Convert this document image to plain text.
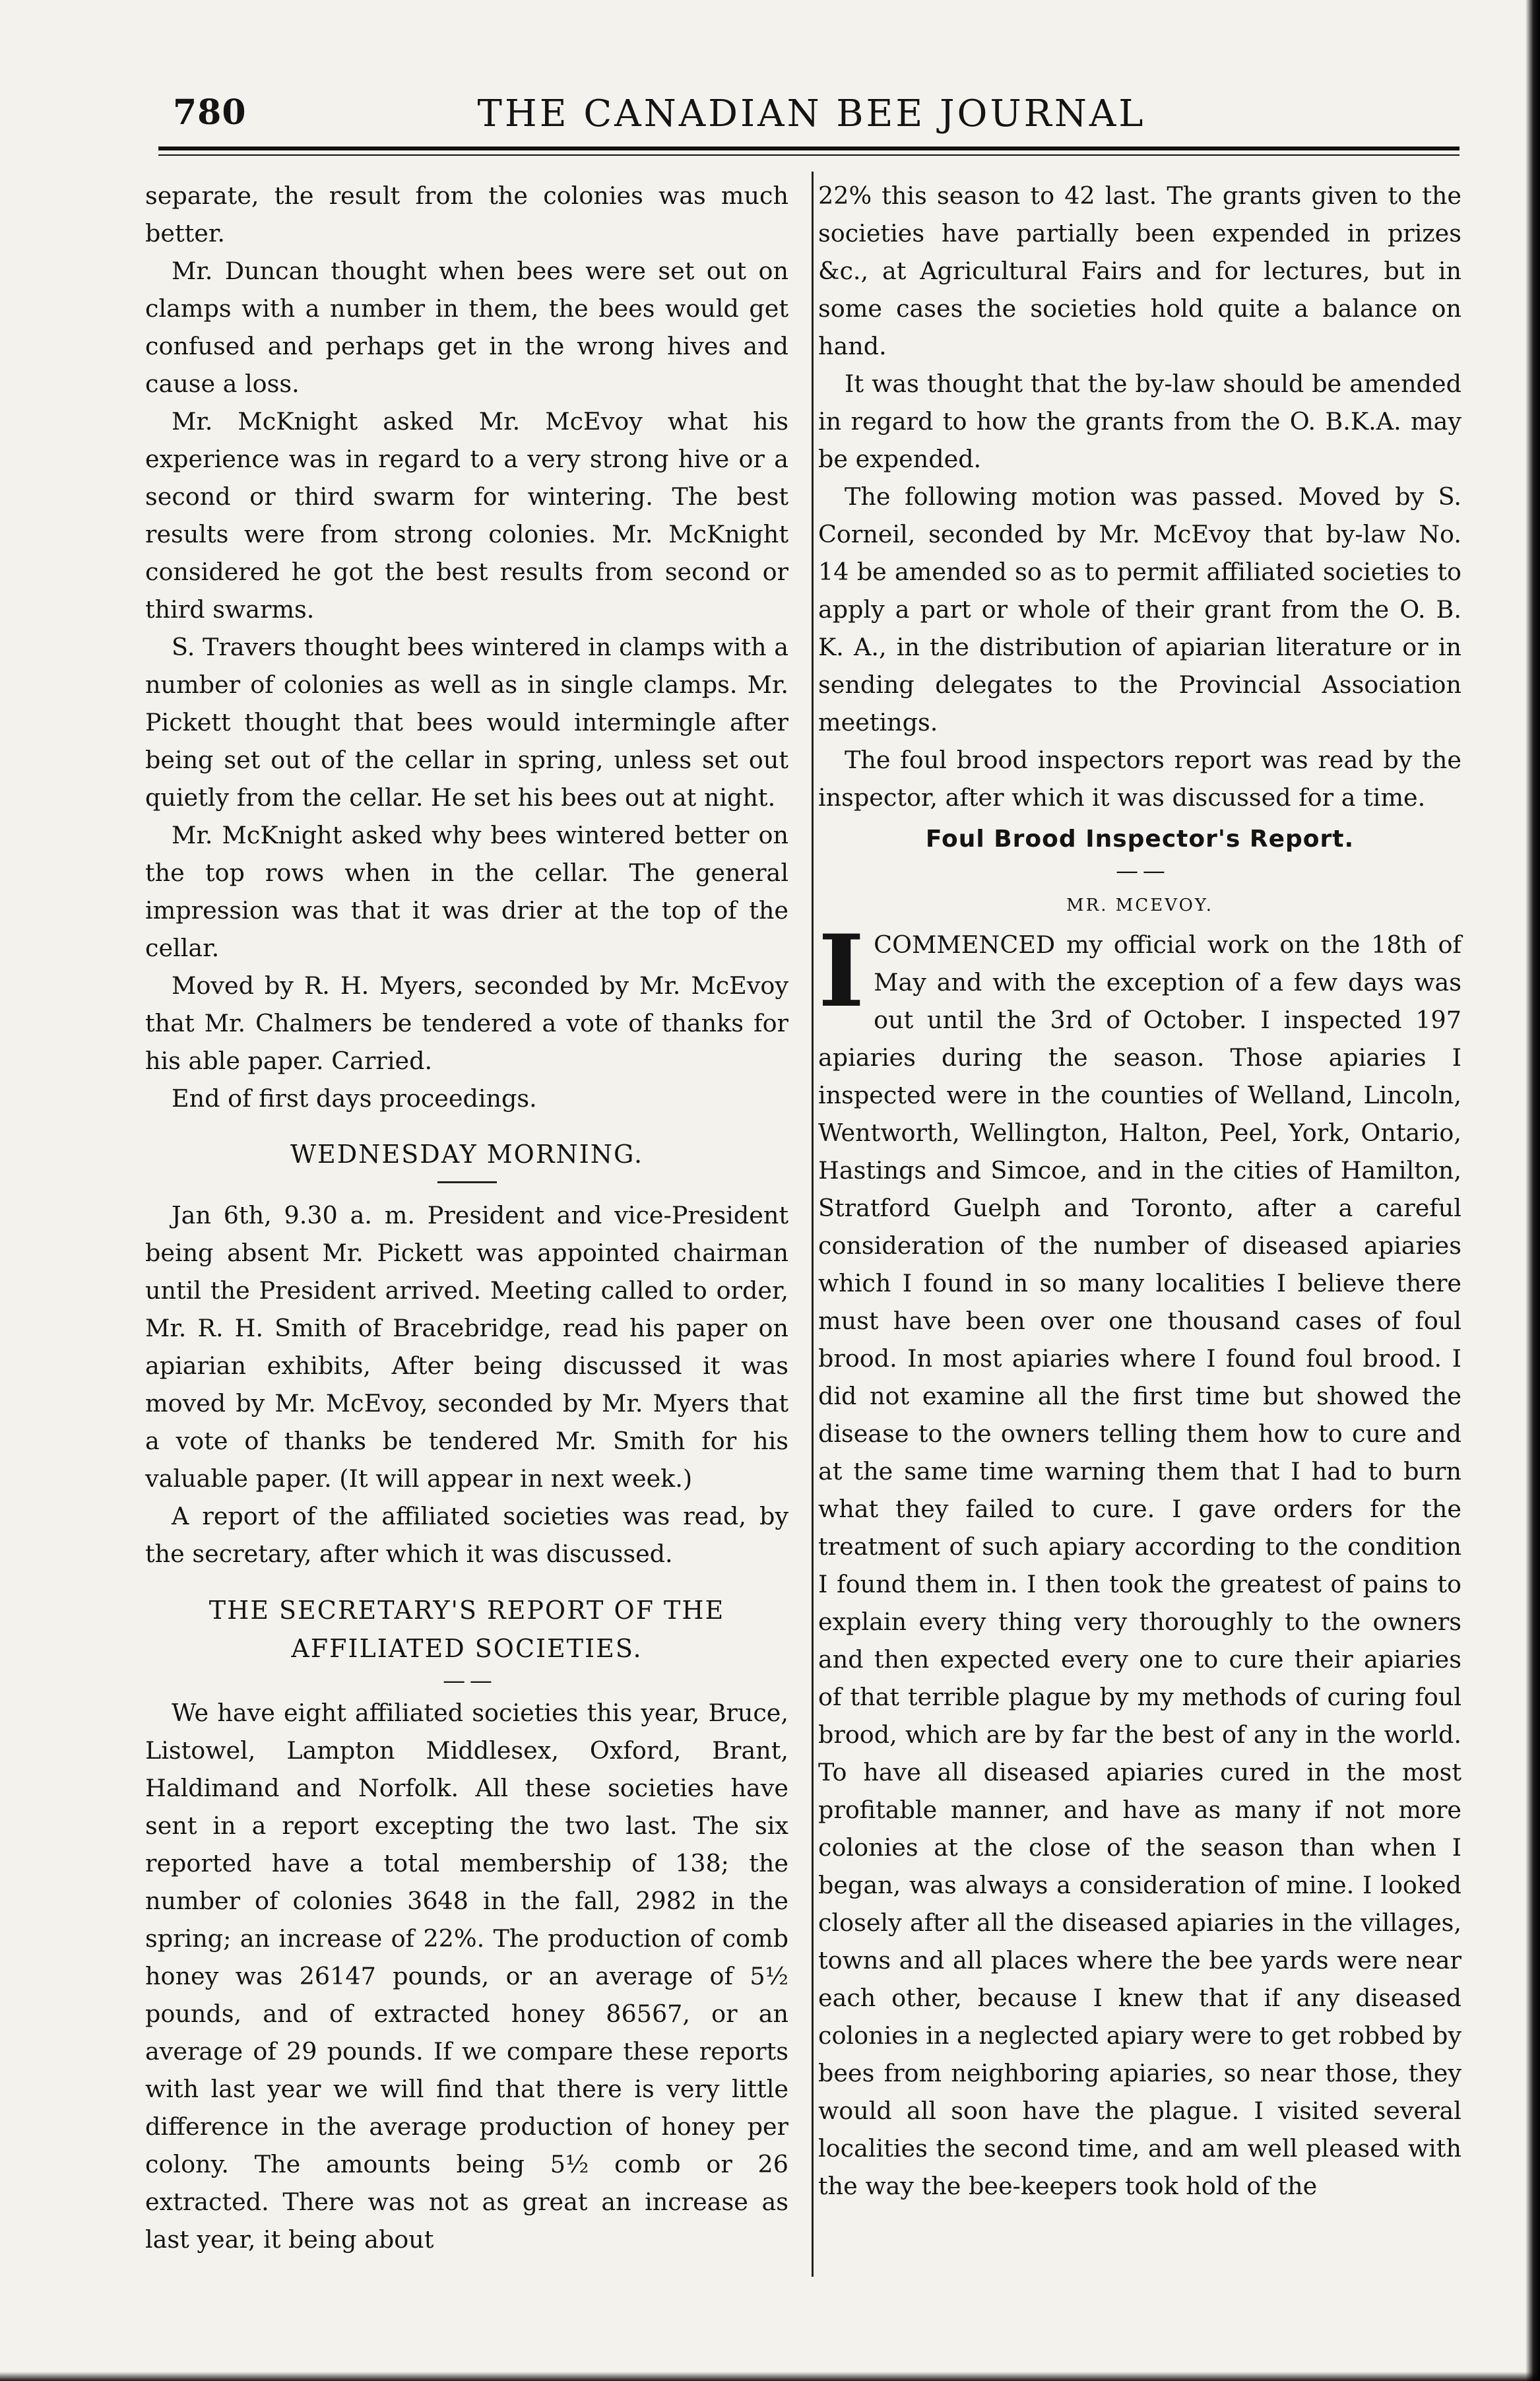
780	THE CANADIAN BEE JOURNAL

separate, the result from the colonies was much better.

Mr. Duncan thought when bees were set out on clamps with a number in them, the bees would get confused and perhaps get in the wrong hives and cause a loss.

Mr. McKnight asked Mr. McEvoy what his experience was in regard to a very strong hive or a second or third swarm for wintering. The best results were from strong colonies. Mr. McKnight considered he got the best results from second or third swarms.

S. Travers thought bees wintered in clamps with a number of colonies as well as in single clamps. Mr. Pickett thought that bees would intermingle after being set out of the cellar in spring, unless set out quietly from the cellar. He set his bees out at night.

Mr. McKnight asked why bees wintered better on the top rows when in the cellar. The general impression was that it was drier at the top of the cellar.

Moved by R. H. Myers, seconded by Mr. McEvoy that Mr. Chalmers be tendered a vote of thanks for his able paper. Carried.

End of first days proceedings.

WEDNESDAY MORNING.

Jan 6th, 9.30 a. m. President and vice-President being absent Mr. Pickett was appointed chairman until the President arrived. Meeting called to order, Mr. R. H. Smith of Bracebridge, read his paper on apiarian exhibits, After being discussed it was moved by Mr. McEvoy, seconded by Mr. Myers that a vote of thanks be tendered Mr. Smith for his valuable paper. (It will appear in next week.)

A report of the affiliated societies was read, by the secretary, after which it was discussed.

THE SECRETARY'S REPORT OF THE
AFFILIATED SOCIETIES.
— —

We have eight affiliated societies this year, Bruce, Listowel, Lampton Middlesex, Oxford, Brant, Haldimand and Norfolk. All these societies have sent in a report excepting the two last. The six reported have a total membership of 138; the number of colonies 3648 in the fall, 2982 in the spring; an increase of 22%. The production of comb honey was 26147 pounds, or an average of 5½ pounds, and of extracted honey 86567, or an average of 29 pounds. If we compare these reports with last year we will find that there is very little difference in the average production of honey per colony. The amounts being 5½ comb or 26 extracted. There was not as great an increase as last year, it being about

22% this season to 42 last. The grants given to the societies have partially been expended in prizes &c., at Agricultural Fairs and for lectures, but in some cases the societies hold quite a balance on hand.

It was thought that the by-law should be amended in regard to how the grants from the O. B.K.A. may be expended.

The following motion was passed. Moved by S. Corneil, seconded by Mr. McEvoy that by-law No. 14 be amended so as to permit affiliated societies to apply a part or whole of their grant from the O. B. K. A., in the distribution of apiarian literature or in sending delegates to the Provincial Association meetings.

The foul brood inspectors report was read by the inspector, after which it was discussed for a time.

Foul Brood Inspector's Report.
— —
MR. MCEVOY.

ICOMMENCED my official work on the 18th of May and with the exception of a few days was out until the 3rd of October. I inspected 197 apiaries during the season. Those apiaries I inspected were in the counties of Welland, Lincoln, Wentworth, Wellington, Halton, Peel, York, Ontario, Hastings and Simcoe, and in the cities of Hamilton, Stratford Guelph and Toronto, after a careful consideration of the number of diseased apiaries which I found in so many localities I believe there must have been over one thousand cases of foul brood. In most apiaries where I found foul brood. I did not examine all the first time but showed the disease to the owners telling them how to cure and at the same time warning them that I had to burn what they failed to cure. I gave orders for the treatment of such apiary according to the condition I found them in. I then took the greatest of pains to explain every thing very thoroughly to the owners and then expected every one to cure their apiaries of that terrible plague by my methods of curing foul brood, which are by far the best of any in the world. To have all diseased apiaries cured in the most profitable manner, and have as many if not more colonies at the close of the season than when I began, was always a consideration of mine. I looked closely after all the diseased apiaries in the villages, towns and all places where the bee yards were near each other, because I knew that if any diseased colonies in a neglected apiary were to get robbed by bees from neighboring apiaries, so near those, they would all soon have the plague. I visited several localities the second time, and am well pleased with the way the bee-keepers took hold of the
